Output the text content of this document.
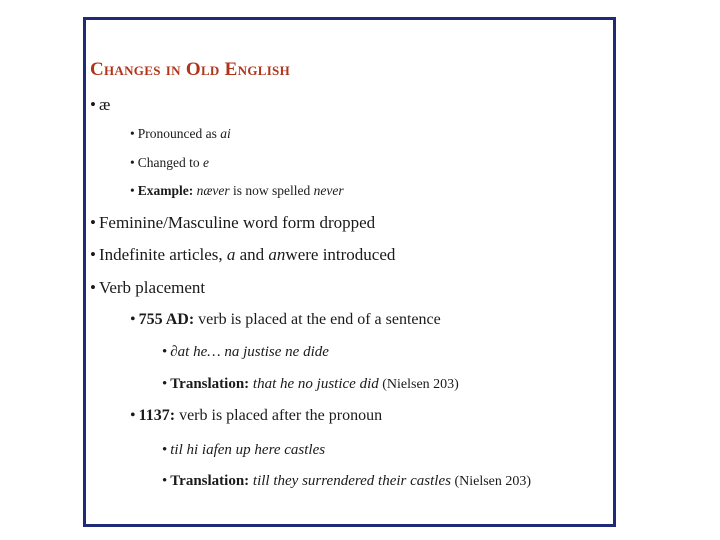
Changes in Old English
• æ
• Pronounced as ai
• Changed to e
• Example: næver is now spelled never
• Feminine/Masculine word form dropped
• Indefinite articles, a and anwere introduced
• Verb placement
• 755 AD: verb is placed at the end of a sentence
• ∂at he… na justise ne dide
• Translation: that he no justice did (Nielsen 203)
• 1137: verb is placed after the pronoun
• til hi iafen up here castles
• Translation: till they surrendered their castles (Nielsen 203)
